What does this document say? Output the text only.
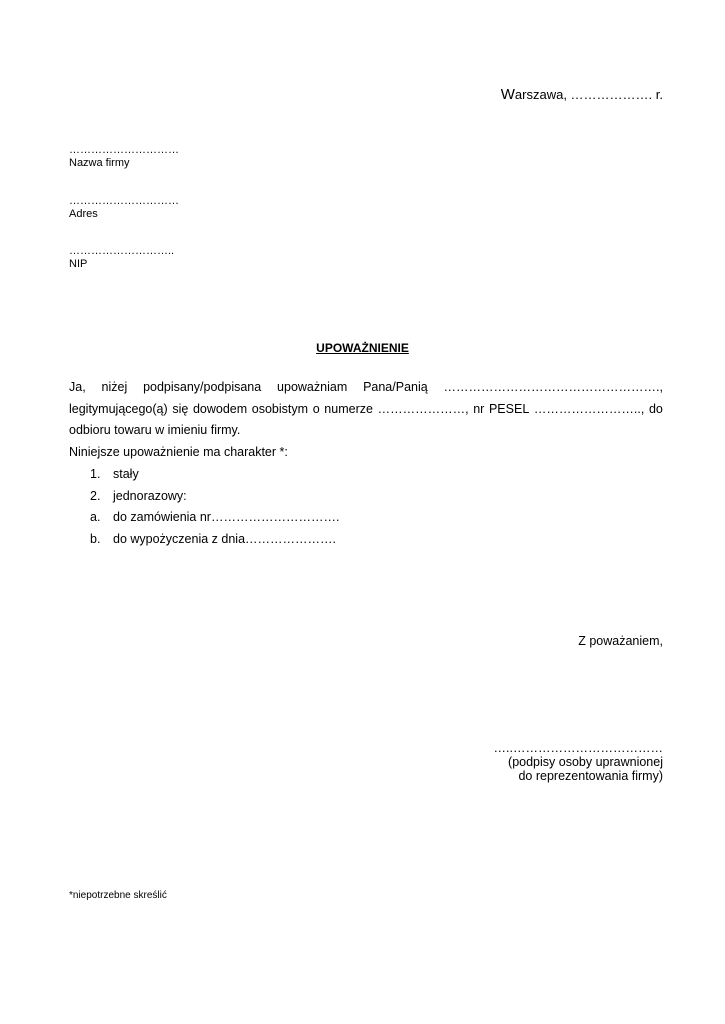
Warszawa, ………………. r.
…………………………
Nazwa firmy
…………………………
Adres
………………………..
NIP
UPOWAŻNIENIE
Ja, niżej podpisany/podpisana upoważniam Pana/Panią …………………………………………….,
legitymującego(ą) się dowodem osobistym o numerze …………………, nr PESEL …………………….., do
odbioru towaru w imieniu firmy.
Niniejsze upoważnienie ma charakter *:
1. stały
2. jednorazowy:
a. do zamówienia nr………………………….
b. do wypożyczenia z dnia………………….
Z poważaniem,
…..………………………………
(podpisy osoby uprawnionej
do reprezentowania firmy)
*niepotrzebne skreślić
